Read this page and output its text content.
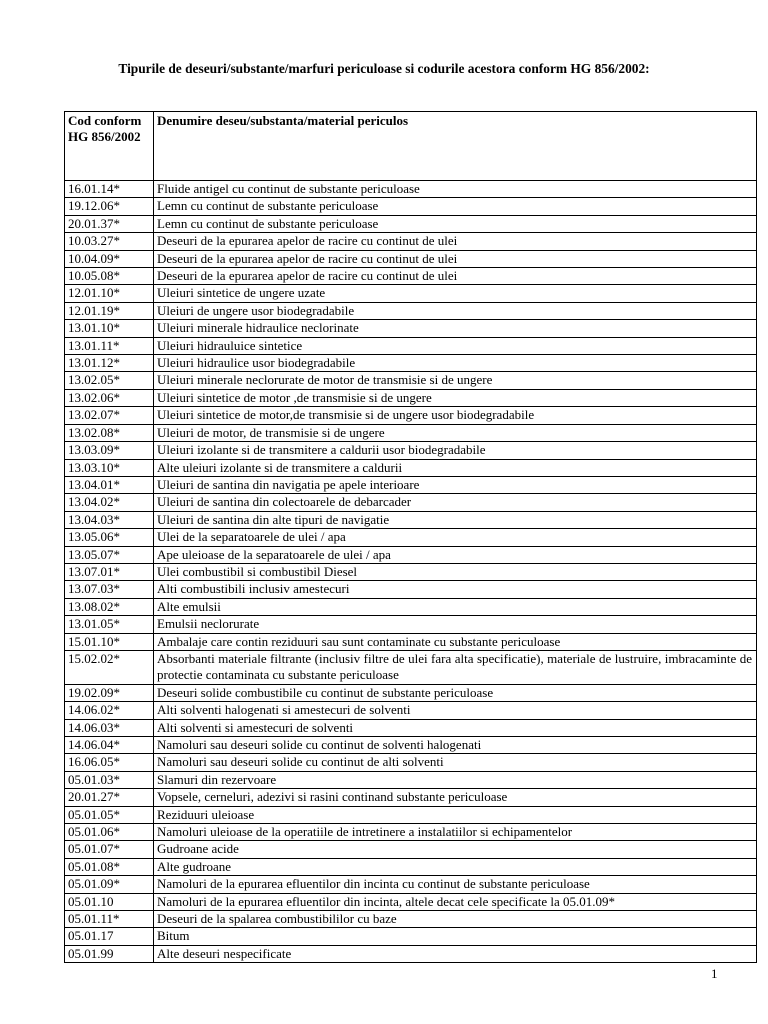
Tipurile de deseuri/substante/marfuri periculoase si codurile acestora conform HG 856/2002:
Cod conform HG 856/2002	Denumire deseu/substanta/material periculos
16.01.14*	Fluide antigel cu continut de substante periculoase
19.12.06*	Lemn cu continut de substante periculoase
20.01.37*	Lemn cu continut de substante periculoase
10.03.27*	Deseuri de la epurarea apelor de racire cu continut de ulei
10.04.09*	Deseuri de la epurarea apelor de racire cu continut de ulei
10.05.08*	Deseuri de la epurarea apelor de racire cu continut de ulei
12.01.10*	Uleiuri sintetice de ungere uzate
12.01.19*	Uleiuri de ungere usor biodegradabile
13.01.10*	Uleiuri minerale hidraulice neclorinate
13.01.11*	Uleiuri hidrauluice sintetice
13.01.12*	Uleiuri hidraulice usor biodegradabile
13.02.05*	Uleiuri minerale neclorurate de motor de transmisie si de ungere
13.02.06*	Uleiuri sintetice de motor ,de transmisie si de ungere
13.02.07*	Uleiuri sintetice de motor,de transmisie si de ungere usor biodegradabile
13.02.08*	Uleiuri de motor, de transmisie si de ungere
13.03.09*	Uleiuri izolante si de transmitere a caldurii usor biodegradabile
13.03.10*	Alte uleiuri izolante si de transmitere a caldurii
13.04.01*	Uleiuri de santina din navigatia pe apele interioare
13.04.02*	Uleiuri de santina din colectoarele de debarcader
13.04.03*	Uleiuri de santina din alte tipuri de navigatie
13.05.06*	Ulei de la separatoarele de ulei / apa
13.05.07*	Ape uleioase de la separatoarele de ulei / apa
13.07.01*	Ulei combustibil si combustibil Diesel
13.07.03*	Alti combustibili inclusiv amestecuri
13.08.02*	Alte emulsii
13.01.05*	Emulsii neclorurate
15.01.10*	Ambalaje care contin reziduuri sau sunt contaminate cu substante periculoase
15.02.02*	Absorbanti materiale filtrante (inclusiv filtre de ulei fara alta specificatie), materiale de lustruire, imbracaminte de protectie contaminata cu substante periculoase
19.02.09*	Deseuri solide combustibile cu continut de substante periculoase
14.06.02*	Alti solventi halogenati si amestecuri de solventi
14.06.03*	Alti solventi si amestecuri de solventi
14.06.04*	Namoluri sau deseuri solide cu continut de solventi halogenati
16.06.05*	Namoluri sau deseuri solide cu continut de alti solventi
05.01.03*	Slamuri din rezervoare
20.01.27*	Vopsele, cerneluri, adezivi si rasini continand substante periculoase
05.01.05*	Reziduuri uleioase
05.01.06*	Namoluri uleioase de la operatiile de intretinere a instalatiilor si echipamentelor
05.01.07*	Gudroane acide
05.01.08*	Alte gudroane
05.01.09*	Namoluri de la epurarea efluentilor din incinta cu continut de substante periculoase
05.01.10	Namoluri de la epurarea efluentilor din incinta, altele decat cele specificate la 05.01.09*
05.01.11*	Deseuri de la spalarea combustibililor cu baze
05.01.17	Bitum
05.01.99	Alte deseuri nespecificate
1
